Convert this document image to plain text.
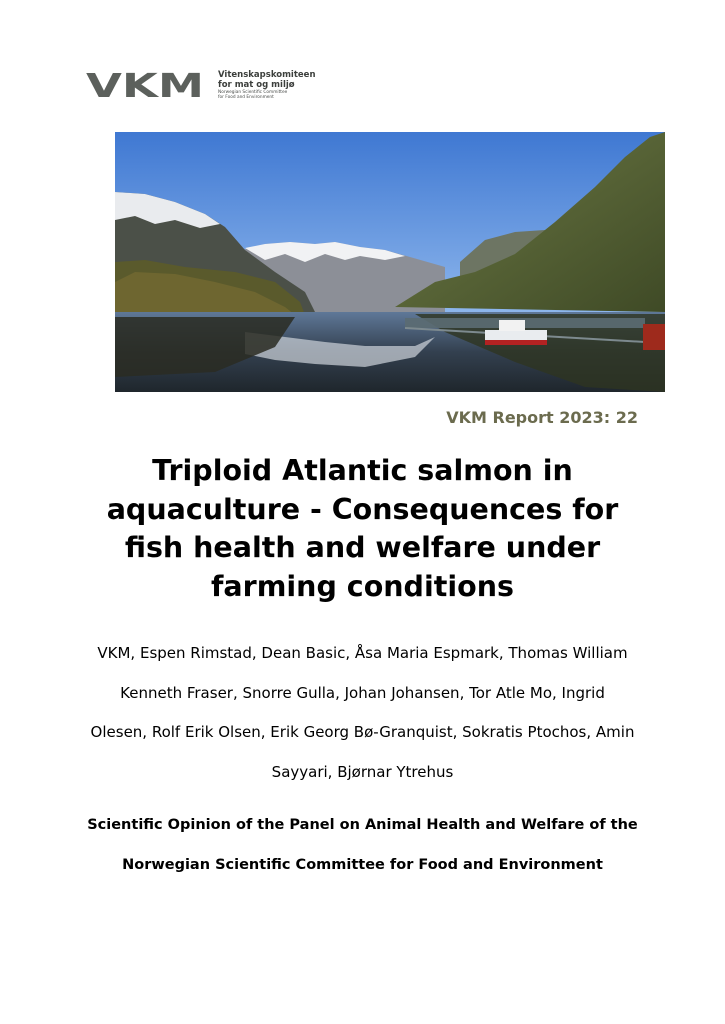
VKM Vitenskapskomiteen
for mat og miljø
Norwegian Scientific Committee
for Food and Environment
VKM Report 2023: 22
Triploid Atlantic salmon in aquaculture - Consequences for fish health and welfare under farming conditions
VKM, Espen Rimstad, Dean Basic, Åsa Maria Espmark, Thomas William Kenneth Fraser, Snorre Gulla, Johan Johansen, Tor Atle Mo, Ingrid Olesen, Rolf Erik Olsen, Erik Georg Bø-Granquist, Sokratis Ptochos, Amin Sayyari, Bjørnar Ytrehus
Scientific Opinion of the Panel on Animal Health and Welfare of the Norwegian Scientific Committee for Food and Environment
